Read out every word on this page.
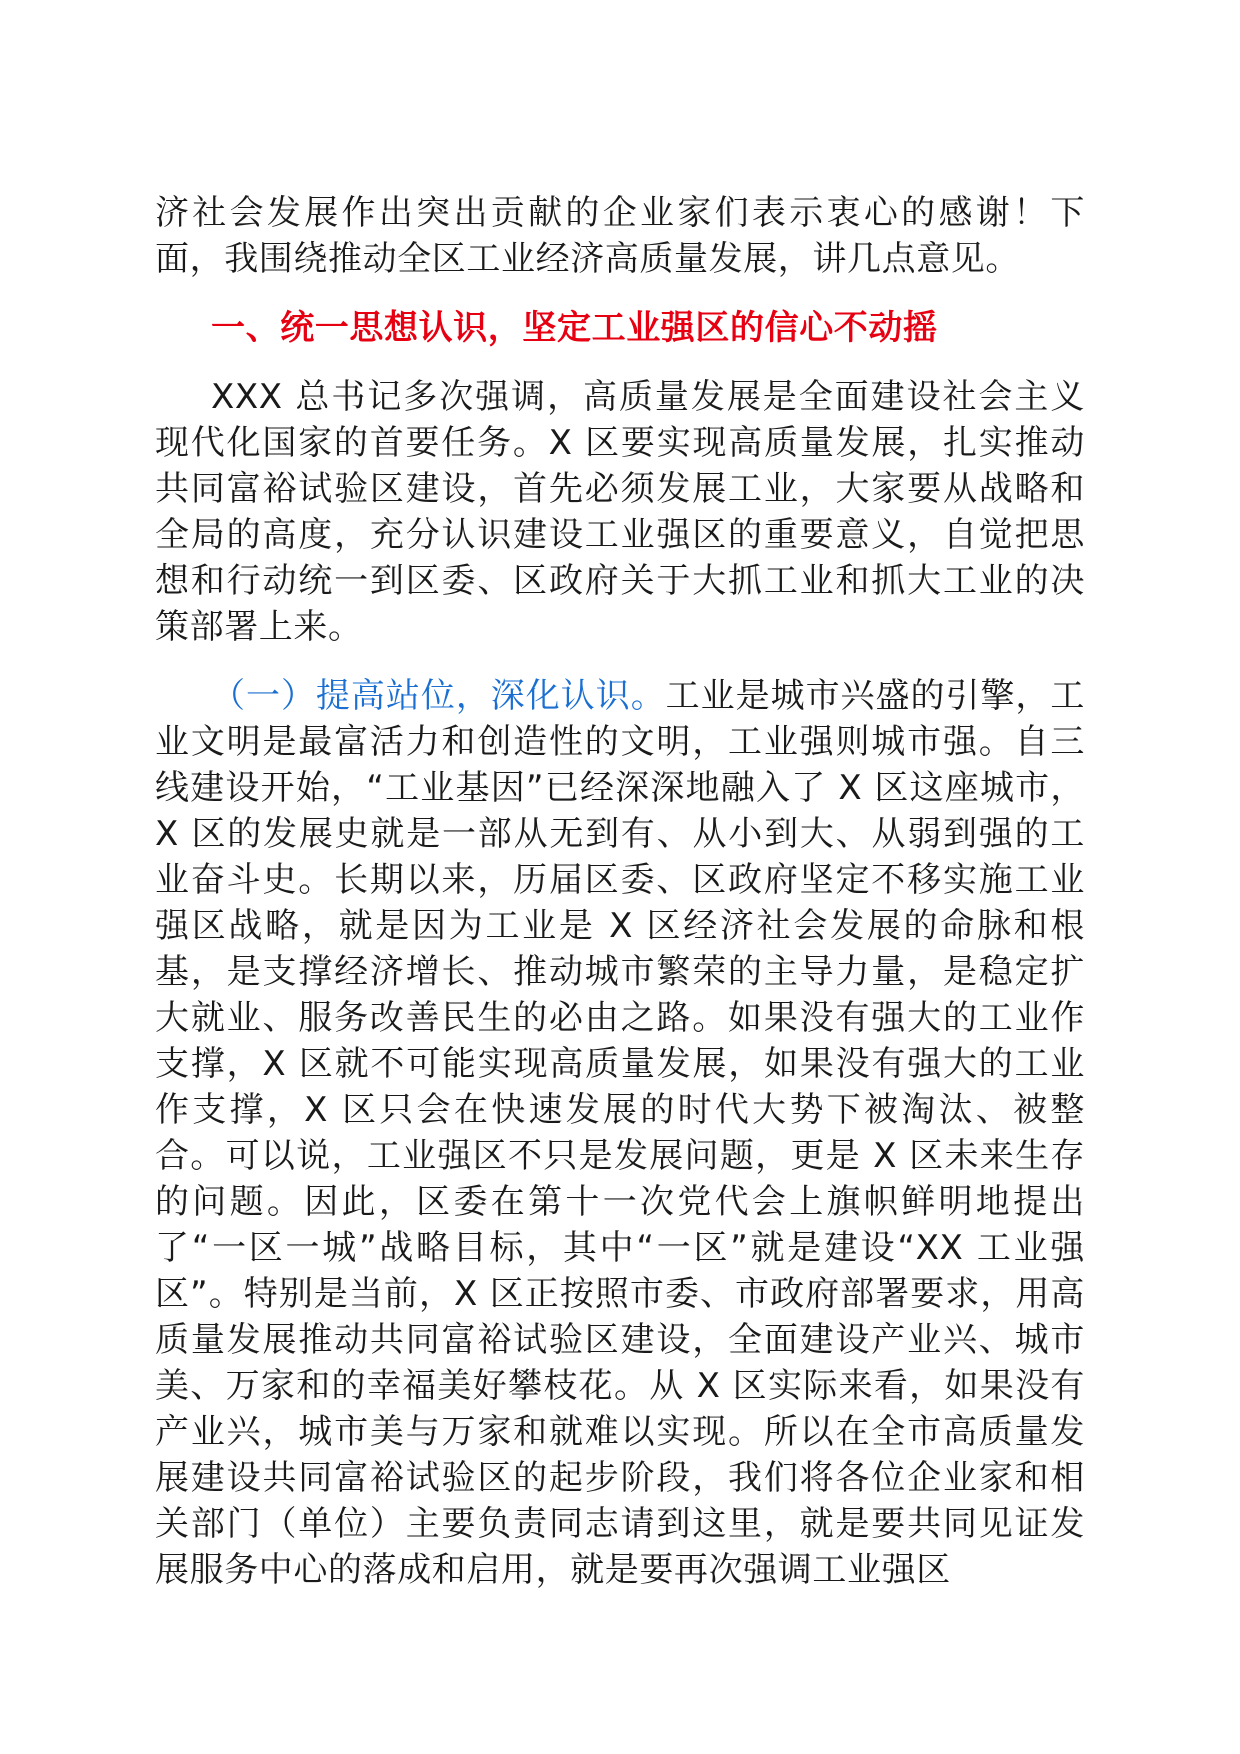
济社会发展作出突出贡献的企业家们表示衷心的感谢！下面，我围绕推动全区工业经济高质量发展，讲几点意见。

一、统一思想认识，坚定工业强区的信心不动摇

XXX 总书记多次强调，高质量发展是全面建设社会主义现代化国家的首要任务。X 区要实现高质量发展，扎实推动共同富裕试验区建设，首先必须发展工业，大家要从战略和全局的高度，充分认识建设工业强区的重要意义，自觉把思想和行动统一到区委、区政府关于大抓工业和抓大工业的决策部署上来。

（一）提高站位，深化认识。工业是城市兴盛的引擎，工业文明是最富活力和创造性的文明，工业强则城市强。自三线建设开始，“工业基因”已经深深地融入了 X 区这座城市，X 区的发展史就是一部从无到有、从小到大、从弱到强的工业奋斗史。长期以来，历届区委、区政府坚定不移实施工业强区战略，就是因为工业是 X 区经济社会发展的命脉和根基，是支撑经济增长、推动城市繁荣的主导力量，是稳定扩大就业、服务改善民生的必由之路。如果没有强大的工业作支撑，X 区就不可能实现高质量发展，如果没有强大的工业作支撑，X 区只会在快速发展的时代大势下被淘汰、被整合。可以说，工业强区不只是发展问题，更是 X 区未来生存的问题。因此，区委在第十一次党代会上旗帜鲜明地提出了“一区一城”战略目标，其中“一区”就是建设“XX 工业强区”。特别是当前，X 区正按照市委、市政府部署要求，用高质量发展推动共同富裕试验区建设，全面建设产业兴、城市美、万家和的幸福美好攀枝花。从 X 区实际来看，如果没有产业兴，城市美与万家和就难以实现。所以在全市高质量发展建设共同富裕试验区的起步阶段，我们将各位企业家和相关部门（单位）主要负责同志请到这里，就是要共同见证发展服务中心的落成和启用，就是要再次强调工业强区
